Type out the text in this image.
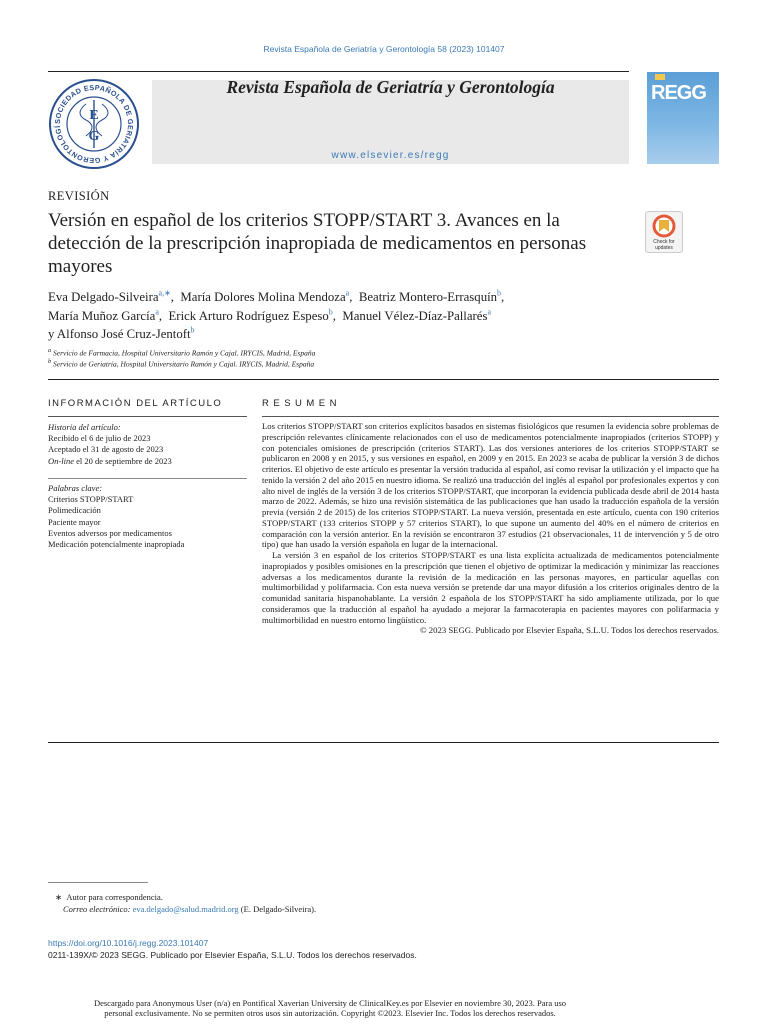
Revista Española de Geriatría y Gerontología 58 (2023) 101407
SOCIEDAD ESPAÑOLA DE GERIATRÍA Y GERONTOLOGÍ
E
G
Revista Española de Geriatría y Gerontología
www.elsevier.es/regg
REGG
REVISIÓN
Versión en español de los criterios STOPP/START 3. Avances en la detección de la prescripción inapropiada de medicamentos en personas mayores
Check for
updates
Eva Delgado-Silveira$^{a,∗}$,  María Dolores Molina Mendoza$^a$,  Beatriz Montero-Errasquín$^b$,
María Muñoz García$^a$,  Erick Arturo Rodríguez Espeso$^b$,  Manuel Vélez-Díaz-Pallarés$^a$
y Alfonso José Cruz-Jentoft$^b$
$^a$ Servicio de Farmacia, Hospital Universitario Ramón y Cajal. IRYCIS, Madrid, España
$^b$ Servicio de Geriatría, Hospital Universitario Ramón y Cajal. IRYCIS, Madrid, España
INFORMACIÓN DEL ARTÍCULO
Historia del artículo:
Recibido el 6 de julio de 2023
Aceptado el 31 de agosto de 2023
On-line el 20 de septiembre de 2023
Palabras clave:
Criterios STOPP/START
Polimedicación
Paciente mayor
Eventos adversos por medicamentos
Medicación potencialmente inapropiada
RESUMEN

Los criterios STOPP/START son criterios explícitos basados en sistemas fisiológicos que resumen la evidencia sobre problemas de prescripción relevantes clínicamente relacionados con el uso de medicamentos potencialmente inapropiados (criterios STOPP) y con potenciales omisiones de prescripción (criterios START). Las dos versiones anteriores de los criterios STOPP/START se publicaron en 2008 y en 2015, y sus versiones en español, en 2009 y en 2015. En 2023 se acaba de publicar la versión 3 de dichos criterios. El objetivo de este artículo es presentar la versión traducida al español, así como revisar la utilización y el impacto que ha tenido la versión 2 del año 2015 en nuestro idioma. Se realizó una traducción del inglés al español por profesionales expertos y con alto nivel de inglés de la versión 3 de los criterios STOPP/START, que incorporan la evidencia publicada desde abril de 2014 hasta marzo de 2022. Además, se hizo una revisión sistemática de las publicaciones que han usado la traducción española de la versión previa (versión 2 de 2015) de los criterios STOPP/START. La nueva versión, presentada en este artículo, cuenta con 190 criterios STOPP/START (133 criterios STOPP y 57 criterios START), lo que supone un aumento del 40% en el número de criterios en comparación con la versión anterior. En la revisión se encontraron 37 estudios (21 observacionales, 11 de intervención y 5 de otro tipo) que han usado la versión española en lugar de la internacional.

La versión 3 en español de los criterios STOPP/START es una lista explícita actualizada de medicamentos potencialmente inapropiados y posibles omisiones en la prescripción que tienen el objetivo de optimizar la medicación y minimizar las reacciones adversas a los medicamentos durante la revisión de la medicación en las personas mayores, en particular aquellas con multimorbilidad y polifarmacia. Con esta nueva versión se pretende dar una mayor difusión a los criterios originales dentro de la comunidad sanitaria hispanohablante. La versión 2 española de los STOPP/START ha sido ampliamente utilizada, por lo que consideramos que la traducción al español ha ayudado a mejorar la farmacoterapia en pacientes mayores con polifarmacia y multimorbilidad en nuestro entorno lingüístico.

© 2023 SEGG. Publicado por Elsevier España, S.L.U. Todos los derechos reservados.

∗ Autor para correspondencia.
Correo electrónico: eva.delgado@salud.madrid.org (E. Delgado-Silveira).
https://doi.org/10.1016/j.regg.2023.101407
0211-139X/© 2023 SEGG. Publicado por Elsevier España, S.L.U. Todos los derechos reservados.
Descargado para Anonymous User (n/a) en Pontifical Xaverian University de ClinicalKey.es por Elsevier en noviembre 30, 2023. Para uso
personal exclusivamente. No se permiten otros usos sin autorización. Copyright ©2023. Elsevier Inc. Todos los derechos reservados.
